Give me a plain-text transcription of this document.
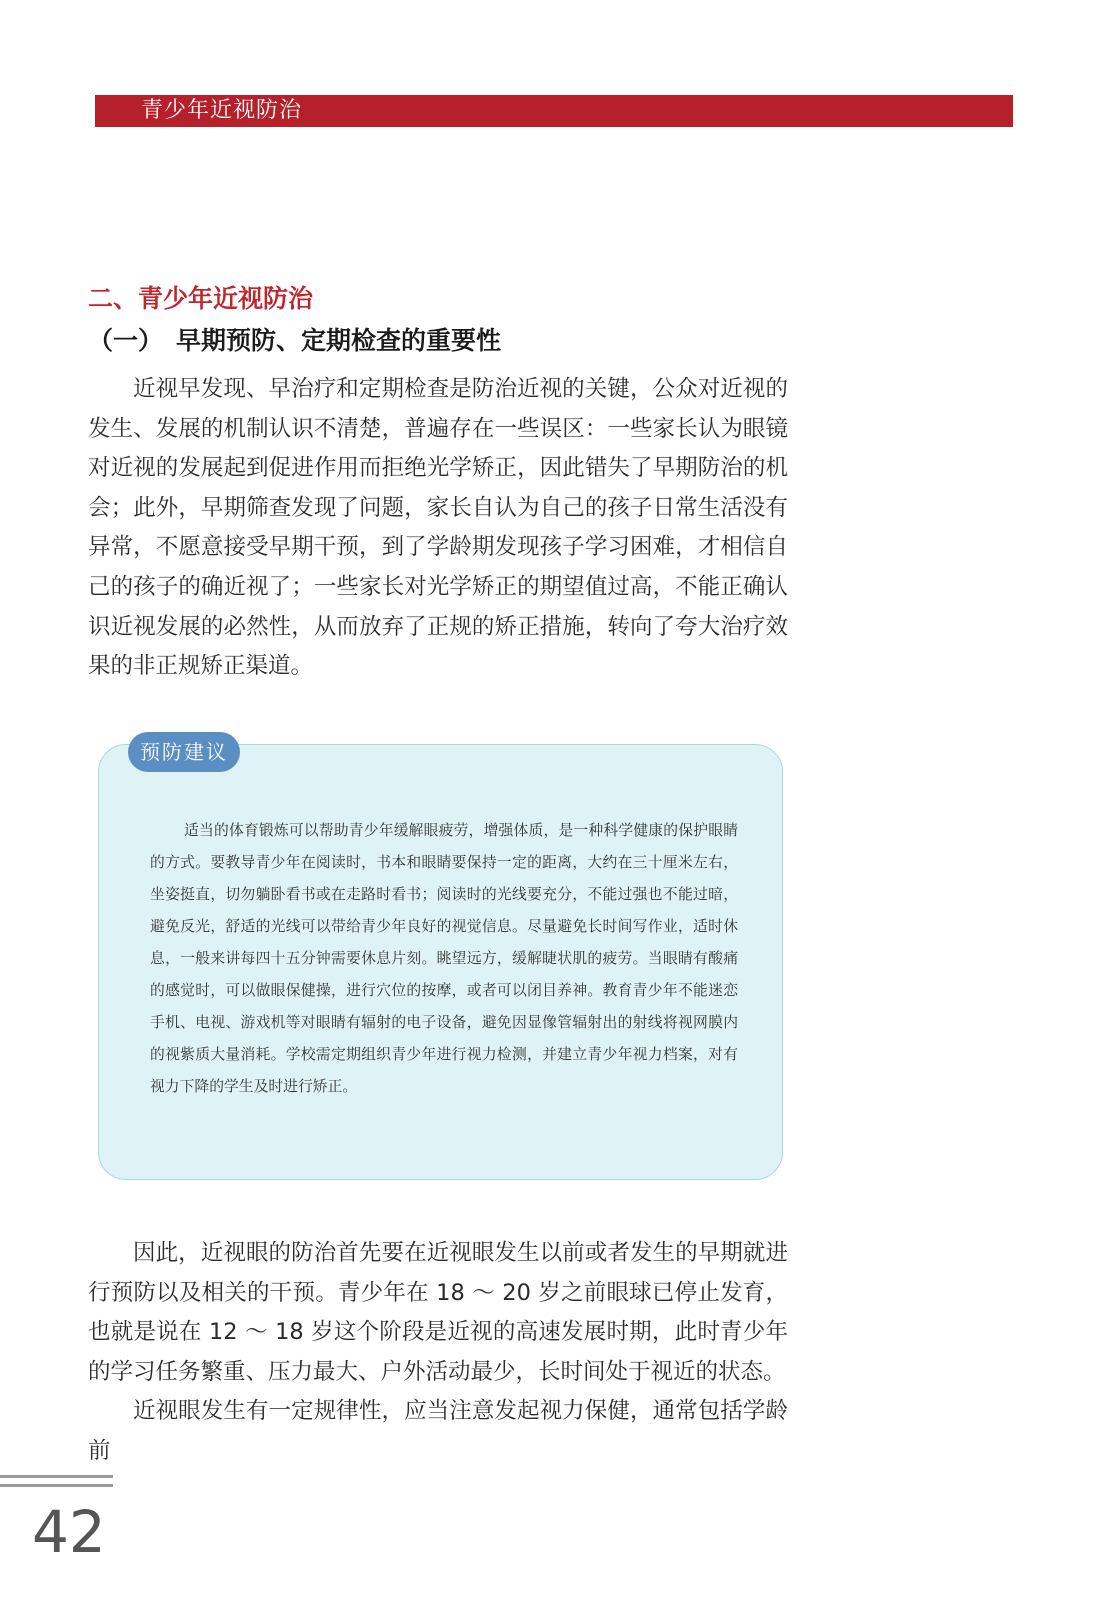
青少年近视防治
二、青少年近视防治
（一） 早期预防、定期检查的重要性

近视早发现、早治疗和定期检查是防治近视的关键，公众对近视的发生、发展的机制认识不清楚，普遍存在一些误区：一些家长认为眼镜对近视的发展起到促进作用而拒绝光学矫正，因此错失了早期防治的机会；此外，早期筛查发现了问题，家长自认为自己的孩子日常生活没有异常，不愿意接受早期干预，到了学龄期发现孩子学习困难，才相信自己的孩子的确近视了；一些家长对光学矫正的期望值过高，不能正确认识近视发展的必然性，从而放弃了正规的矫正措施，转向了夸大治疗效果的非正规矫正渠道。

预防建议

适当的体育锻炼可以帮助青少年缓解眼疲劳，增强体质，是一种科学健康的保护眼睛的方式。要教导青少年在阅读时，书本和眼睛要保持一定的距离，大约在三十厘米左右，坐姿挺直，切勿躺卧看书或在走路时看书；阅读时的光线要充分，不能过强也不能过暗，避免反光，舒适的光线可以带给青少年良好的视觉信息。尽量避免长时间写作业，适时休息，一般来讲每四十五分钟需要休息片刻。眺望远方，缓解睫状肌的疲劳。当眼睛有酸痛的感觉时，可以做眼保健操，进行穴位的按摩，或者可以闭目养神。教育青少年不能迷恋手机、电视、游戏机等对眼睛有辐射的电子设备，避免因显像管辐射出的射线将视网膜内的视紫质大量消耗。学校需定期组织青少年进行视力检测，并建立青少年视力档案，对有视力下降的学生及时进行矫正。

因此，近视眼的防治首先要在近视眼发生以前或者发生的早期就进行预防以及相关的干预。青少年在 18 ～ 20 岁之前眼球已停止发育，也就是说在 12 ～ 18 岁这个阶段是近视的高速发展时期，此时青少年的学习任务繁重、压力最大、户外活动最少，长时间处于视近的状态。

近视眼发生有一定规律性，应当注意发起视力保健，通常包括学龄前

42
